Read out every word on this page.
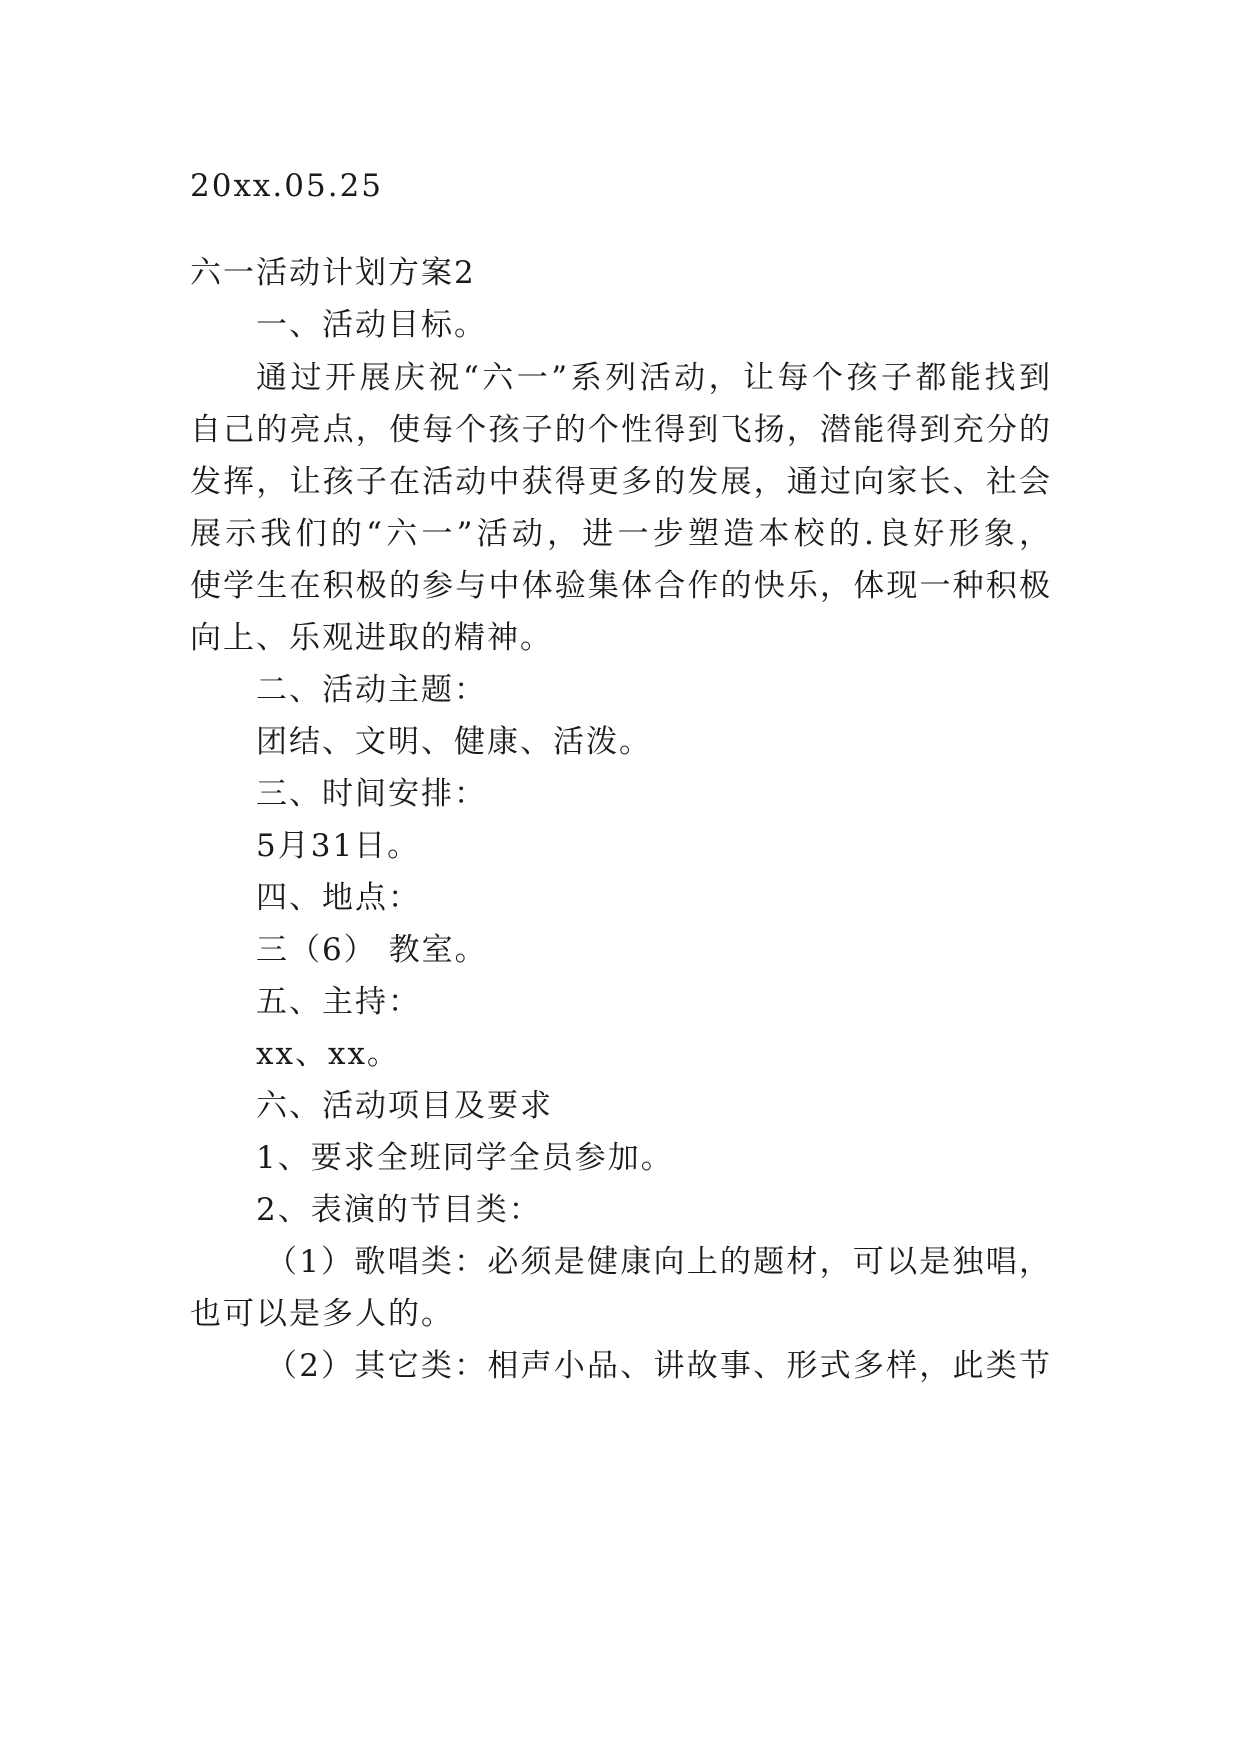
20xx.05.25
六一活动计划方案2
一、活动目标。
通过开展庆祝“六一”系列活动，让每个孩子都能找到
自己的亮点，使每个孩子的个性得到飞扬，潜能得到充分的
发挥，让孩子在活动中获得更多的发展，通过向家长、社会
展示我们的“六一”活动，进一步塑造本校的.良好形象，
使学生在积极的参与中体验集体合作的快乐，体现一种积极
向上、乐观进取的精神。
二、活动主题：
团结、文明、健康、活泼。
三、时间安排：
5月31日。
四、地点：
三（6） 教室。
五、主持：
xx、xx。
六、活动项目及要求
1、要求全班同学全员参加。
2、表演的节目类：
（1）歌唱类：必须是健康向上的题材，可以是独唱，
也可以是多人的。
（2）其它类：相声小品、讲故事、形式多样，此类节
